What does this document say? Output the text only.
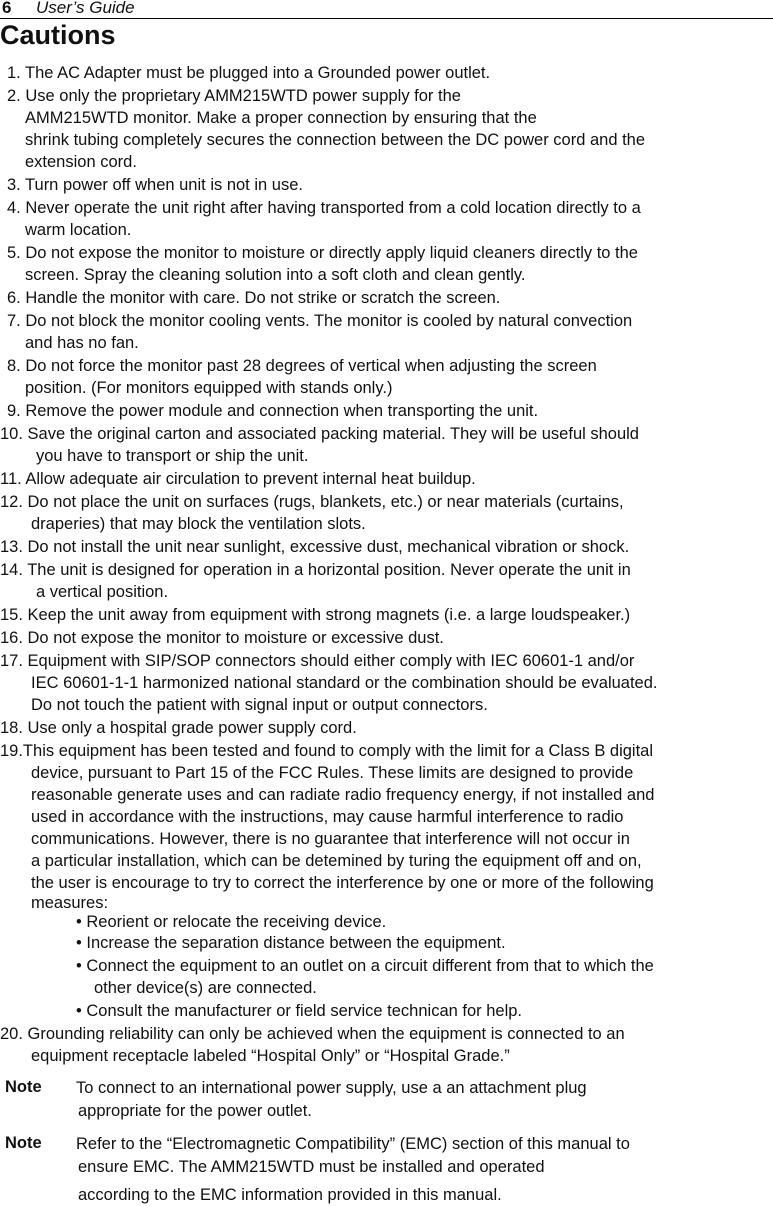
6 User’s Guide
Cautions
1. The AC Adapter must be plugged into a Grounded power outlet.
2. Use only the proprietary AMM215WTD power supply for the
AMM215WTD monitor. Make a proper connection by ensuring that the
shrink tubing completely secures the connection between the DC power cord and the
extension cord.
3. Turn power off when unit is not in use.
4. Never operate the unit right after having transported from a cold location directly to a
warm location.
5. Do not expose the monitor to moisture or directly apply liquid cleaners directly to the
screen. Spray the cleaning solution into a soft cloth and clean gently.
6. Handle the monitor with care. Do not strike or scratch the screen.
7. Do not block the monitor cooling vents. The monitor is cooled by natural convection
and has no fan.
8. Do not force the monitor past 28 degrees of vertical when adjusting the screen
position. (For monitors equipped with stands only.)
9. Remove the power module and connection when transporting the unit.
10. Save the original carton and associated packing material. They will be useful should
you have to transport or ship the unit.
11. Allow adequate air circulation to prevent internal heat buildup.
12. Do not place the unit on surfaces (rugs, blankets, etc.) or near materials (curtains,
draperies) that may block the ventilation slots.
13. Do not install the unit near sunlight, excessive dust, mechanical vibration or shock.
14. The unit is designed for operation in a horizontal position. Never operate the unit in
a vertical position.
15. Keep the unit away from equipment with strong magnets (i.e. a large loudspeaker.)
16. Do not expose the monitor to moisture or excessive dust.
17. Equipment with SIP/SOP connectors should either comply with IEC 60601-1 and/or
IEC 60601-1-1 harmonized national standard or the combination should be evaluated.
Do not touch the patient with signal input or output connectors.
18. Use only a hospital grade power supply cord.
19.This equipment has been tested and found to comply with the limit for a Class B digital
device, pursuant to Part 15 of the FCC Rules. These limits are designed to provide
reasonable generate uses and can radiate radio frequency energy, if not installed and
used in accordance with the instructions, may cause harmful interference to radio
communications. However, there is no guarantee that interference will not occur in
a particular installation, which can be detemined by turing the equipment off and on,
the user is encourage to try to correct the interference by one or more of the following
measures:
• Reorient or relocate the receiving device.
• Increase the separation distance between the equipment.
• Connect the equipment to an outlet on a circuit different from that to which the
other device(s) are connected.
• Consult the manufacturer or field service technican for help.
20. Grounding reliability can only be achieved when the equipment is connected to an
equipment receptacle labeled “Hospital Only” or “Hospital Grade.”
Note To connect to an international power supply, use a an attachment plug
appropriate for the power outlet.
Note Refer to the “Electromagnetic Compatibility” (EMC) section of this manual to
ensure EMC. The AMM215WTD must be installed and operated
according to the EMC information provided in this manual.
